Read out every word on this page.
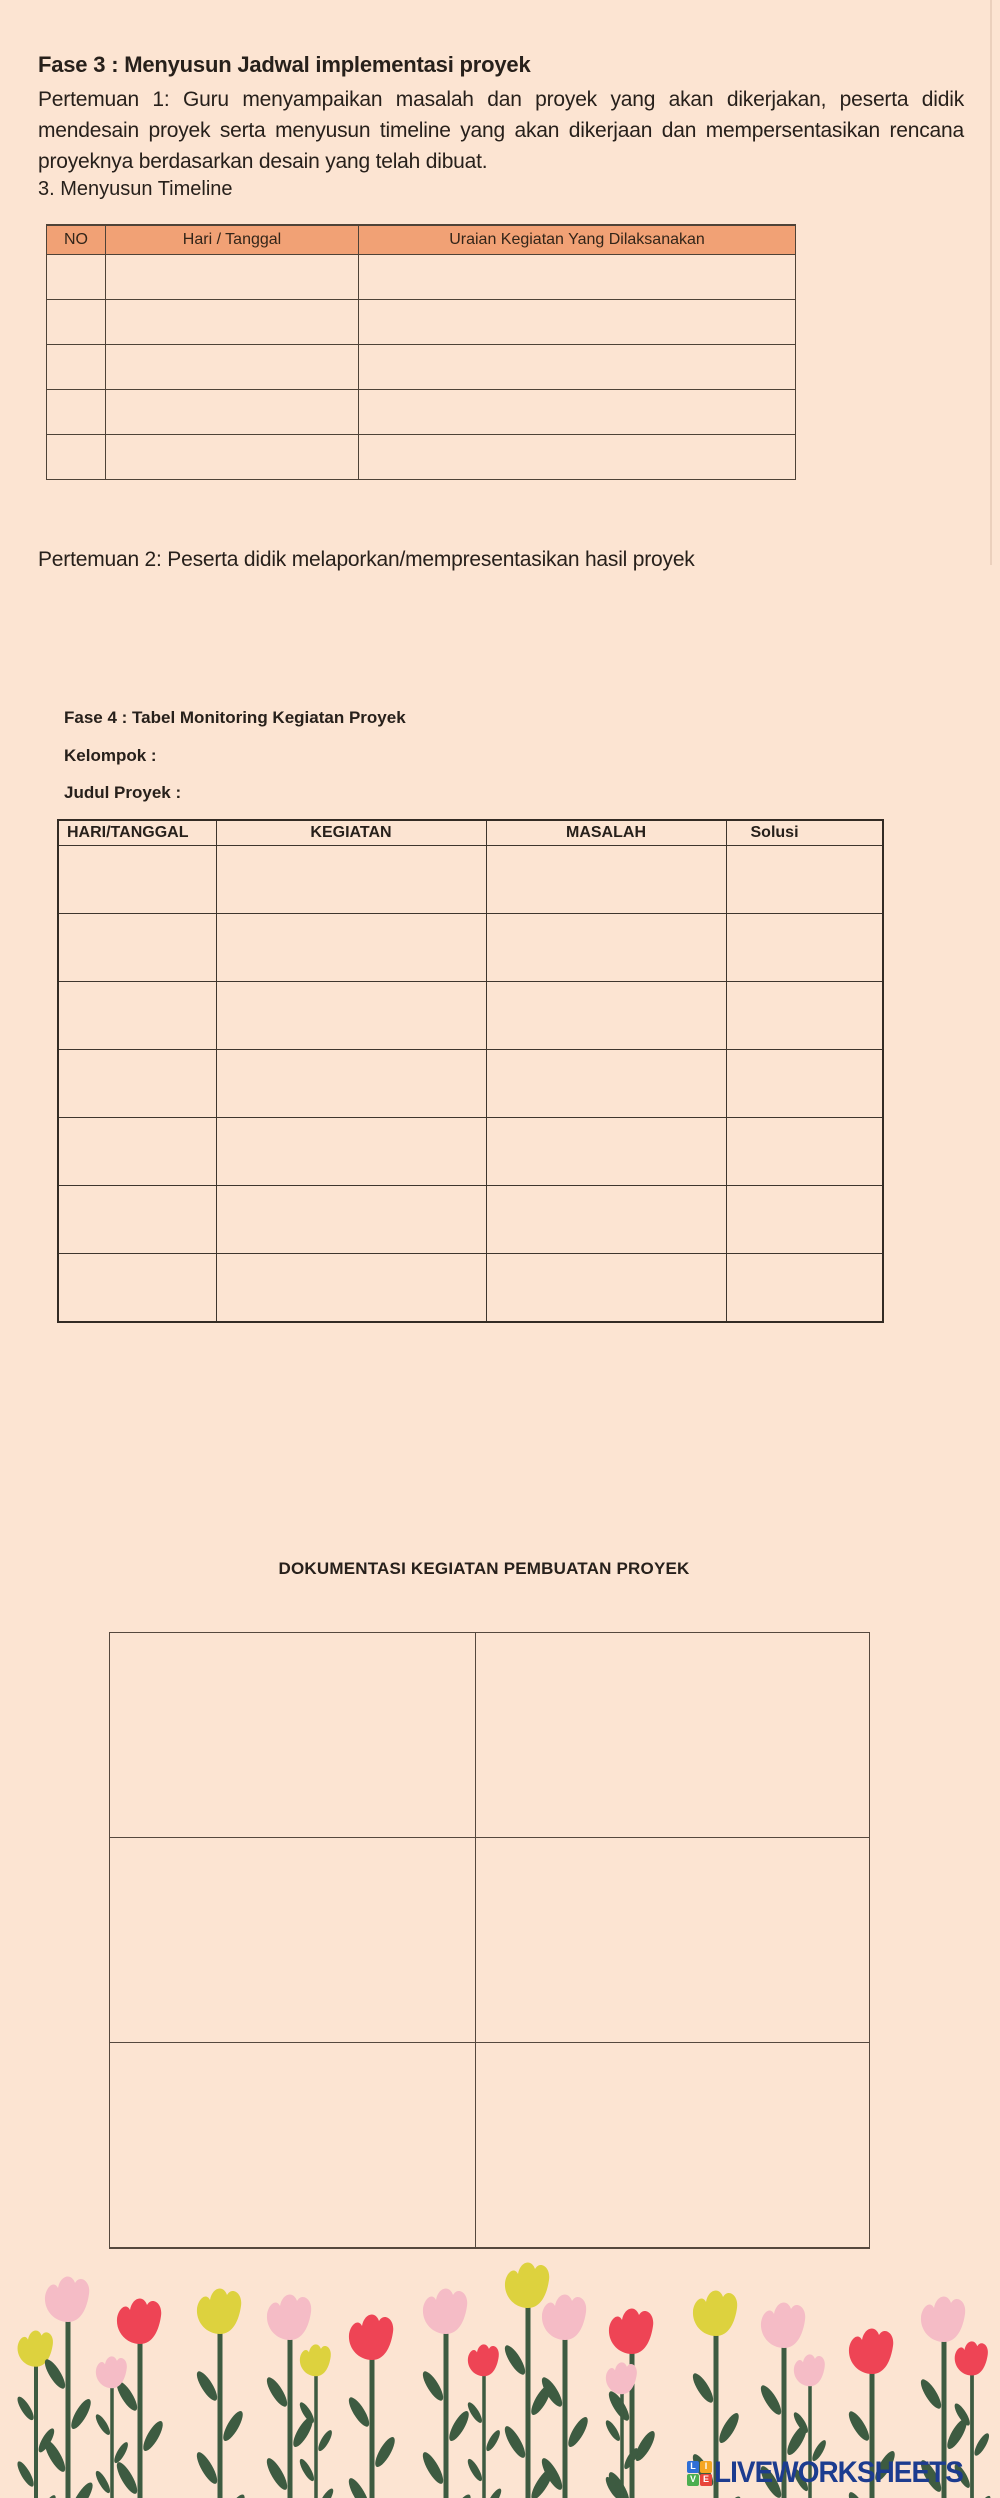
Fase 3 : Menyusun Jadwal implementasi proyek
Pertemuan 1: Guru menyampaikan masalah dan proyek yang akan dikerjakan, peserta didik mendesain proyek serta menyusun timeline yang akan dikerjaan dan mempersentasikan rencana proyeknya berdasarkan desain yang telah dibuat.
3. Menyusun Timeline
NO	Hari / Tanggal	Uraian Kegiatan Yang Dilaksanakan

Pertemuan 2: Peserta didik melaporkan/mempresentasikan hasil proyek
Fase 4 : Tabel Monitoring Kegiatan Proyek
Kelompok :
Judul Proyek :
HARI/TANGGAL	KEGIATAN	MASALAH	Solusi

DOKUMENTASI KEGIATAN PEMBUATAN PROYEK

L I
V E LIVEWORKSHEETS
